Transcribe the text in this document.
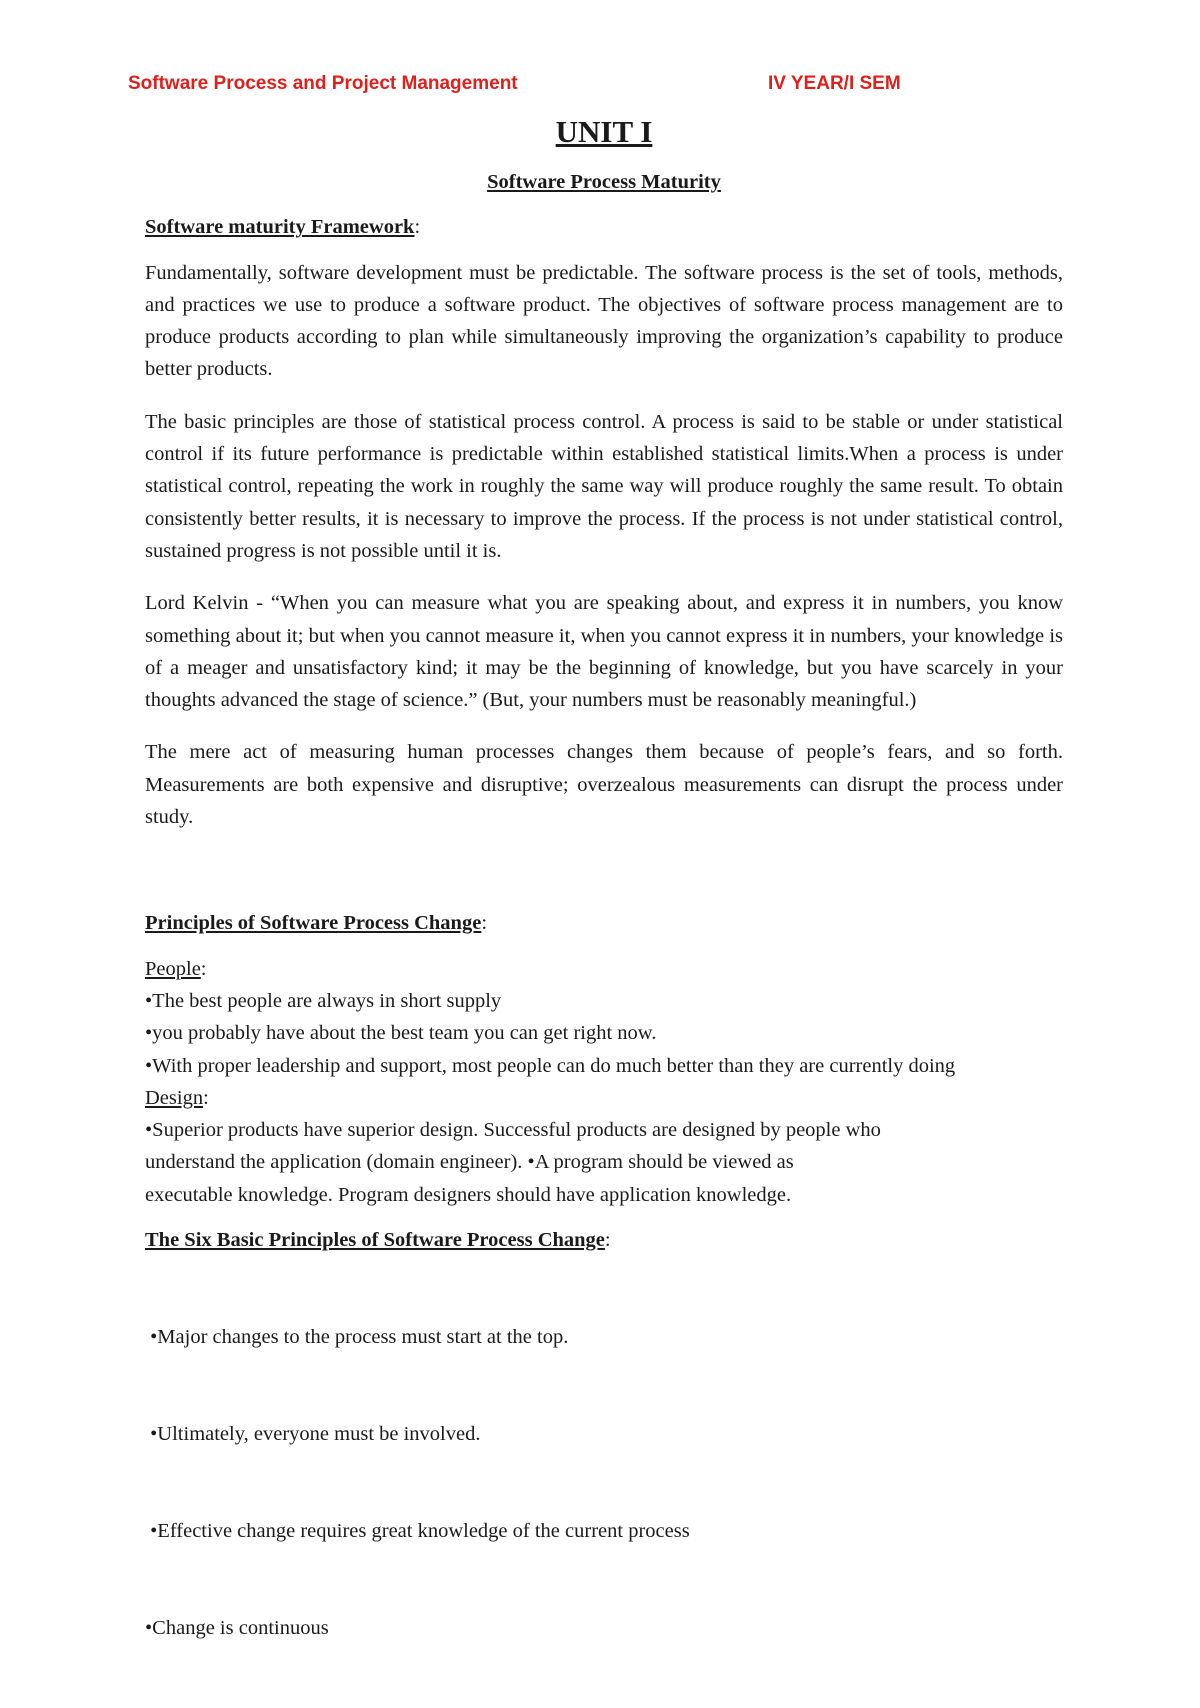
Software Process and Project Management	IV YEAR/I SEM
UNIT I
Software Process Maturity
Software maturity Framework:
Fundamentally, software development must be predictable. The software process is the set of tools, methods, and practices we use to produce a software product. The objectives of software process management are to produce products according to plan while simultaneously improving the organization’s capability to produce better products.
The basic principles are those of statistical process control. A process is said to be stable or under statistical control if its future performance is predictable within established statistical limits.When a process is under statistical control, repeating the work in roughly the same way will produce roughly the same result. To obtain consistently better results, it is necessary to improve the process. If the process is not under statistical control, sustained progress is not possible until it is.
Lord Kelvin - “When you can measure what you are speaking about, and express it in numbers, you know something about it; but when you cannot measure it, when you cannot express it in numbers, your knowledge is of a meager and unsatisfactory kind; it may be the beginning of knowledge, but you have scarcely in your thoughts advanced the stage of science.” (But, your numbers must be reasonably meaningful.)
The mere act of measuring human processes changes them because of people’s fears, and so forth. Measurements are both expensive and disruptive; overzealous measurements can disrupt the process under study.
Principles of Software Process Change:
People:
•The best people are always in short supply
•you probably have about the best team you can get right now.
•With proper leadership and support, most people can do much better than they are currently doing
Design:
•Superior products have superior design. Successful products are designed by people who
understand the application (domain engineer). •A program should be viewed as
executable knowledge. Program designers should have application knowledge.
The Six Basic Principles of Software Process Change:

•Major changes to the process must start at the top.

•Ultimately, everyone must be involved.

•Effective change requires great knowledge of the current process

•Change is continuous
